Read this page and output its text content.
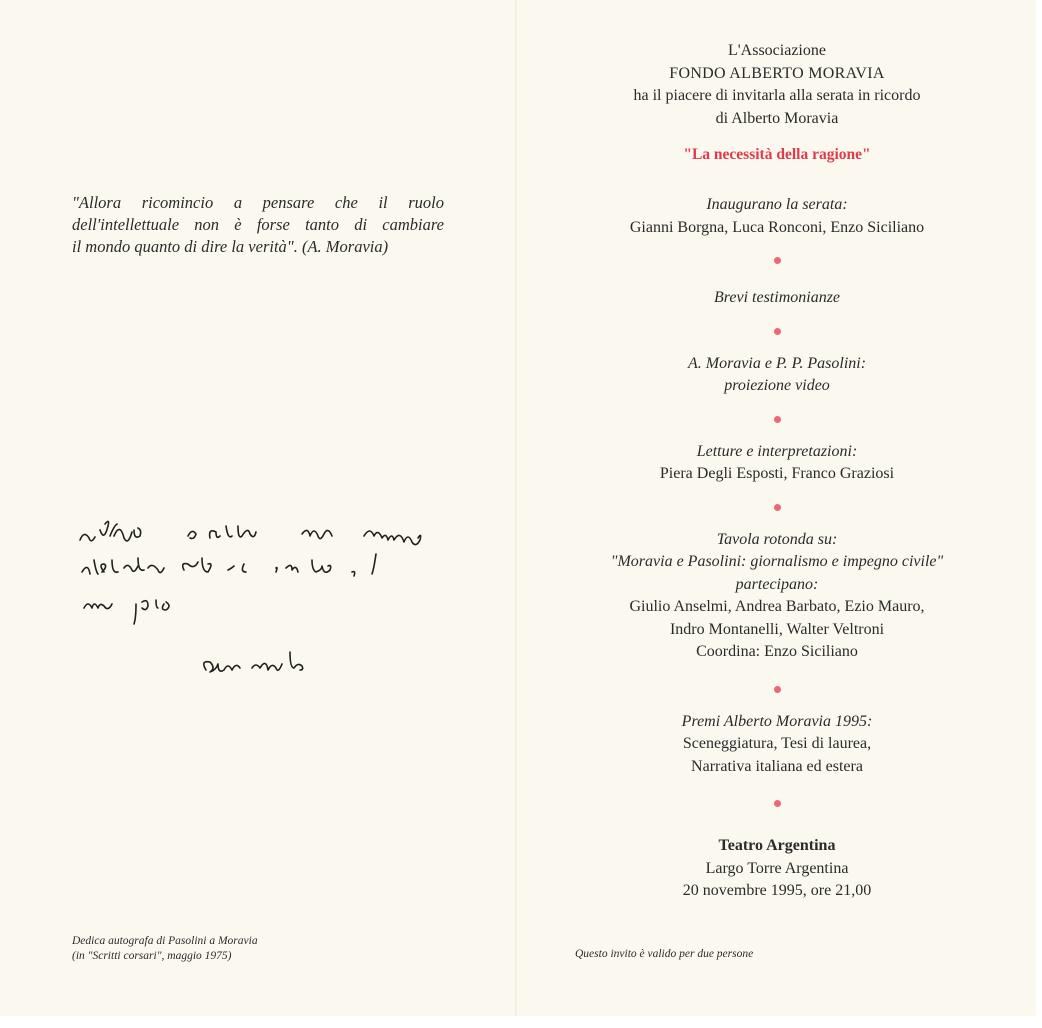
"Allora ricomincio a pensare che il ruolo
dell'intellettuale non è forse tanto di cambiare
il mondo quanto di dire la verità". (A. Moravia)
Dedica autografa di Pasolini a Moravia
(in "Scritti corsari", maggio 1975)
L'Associazione
FONDO ALBERTO MORAVIA
ha il piacere di invitarla alla serata in ricordo
di Alberto Moravia
"La necessità della ragione"
Inaugurano la serata:
Gianni Borgna, Luca Ronconi, Enzo Siciliano
Brevi testimonianze
A. Moravia e P. P. Pasolini:
proiezione video
Letture e interpretazioni:
Piera Degli Esposti, Franco Graziosi
Tavola rotonda su:
"Moravia e Pasolini: giornalismo e impegno civile"
partecipano:
Giulio Anselmi, Andrea Barbato, Ezio Mauro,
Indro Montanelli, Walter Veltroni
Coordina: Enzo Siciliano
Premi Alberto Moravia 1995:
Sceneggiatura, Tesi di laurea,
Narrativa italiana ed estera
Teatro Argentina
Largo Torre Argentina
20 novembre 1995, ore 21,00
Questo invito è valido per due persone
